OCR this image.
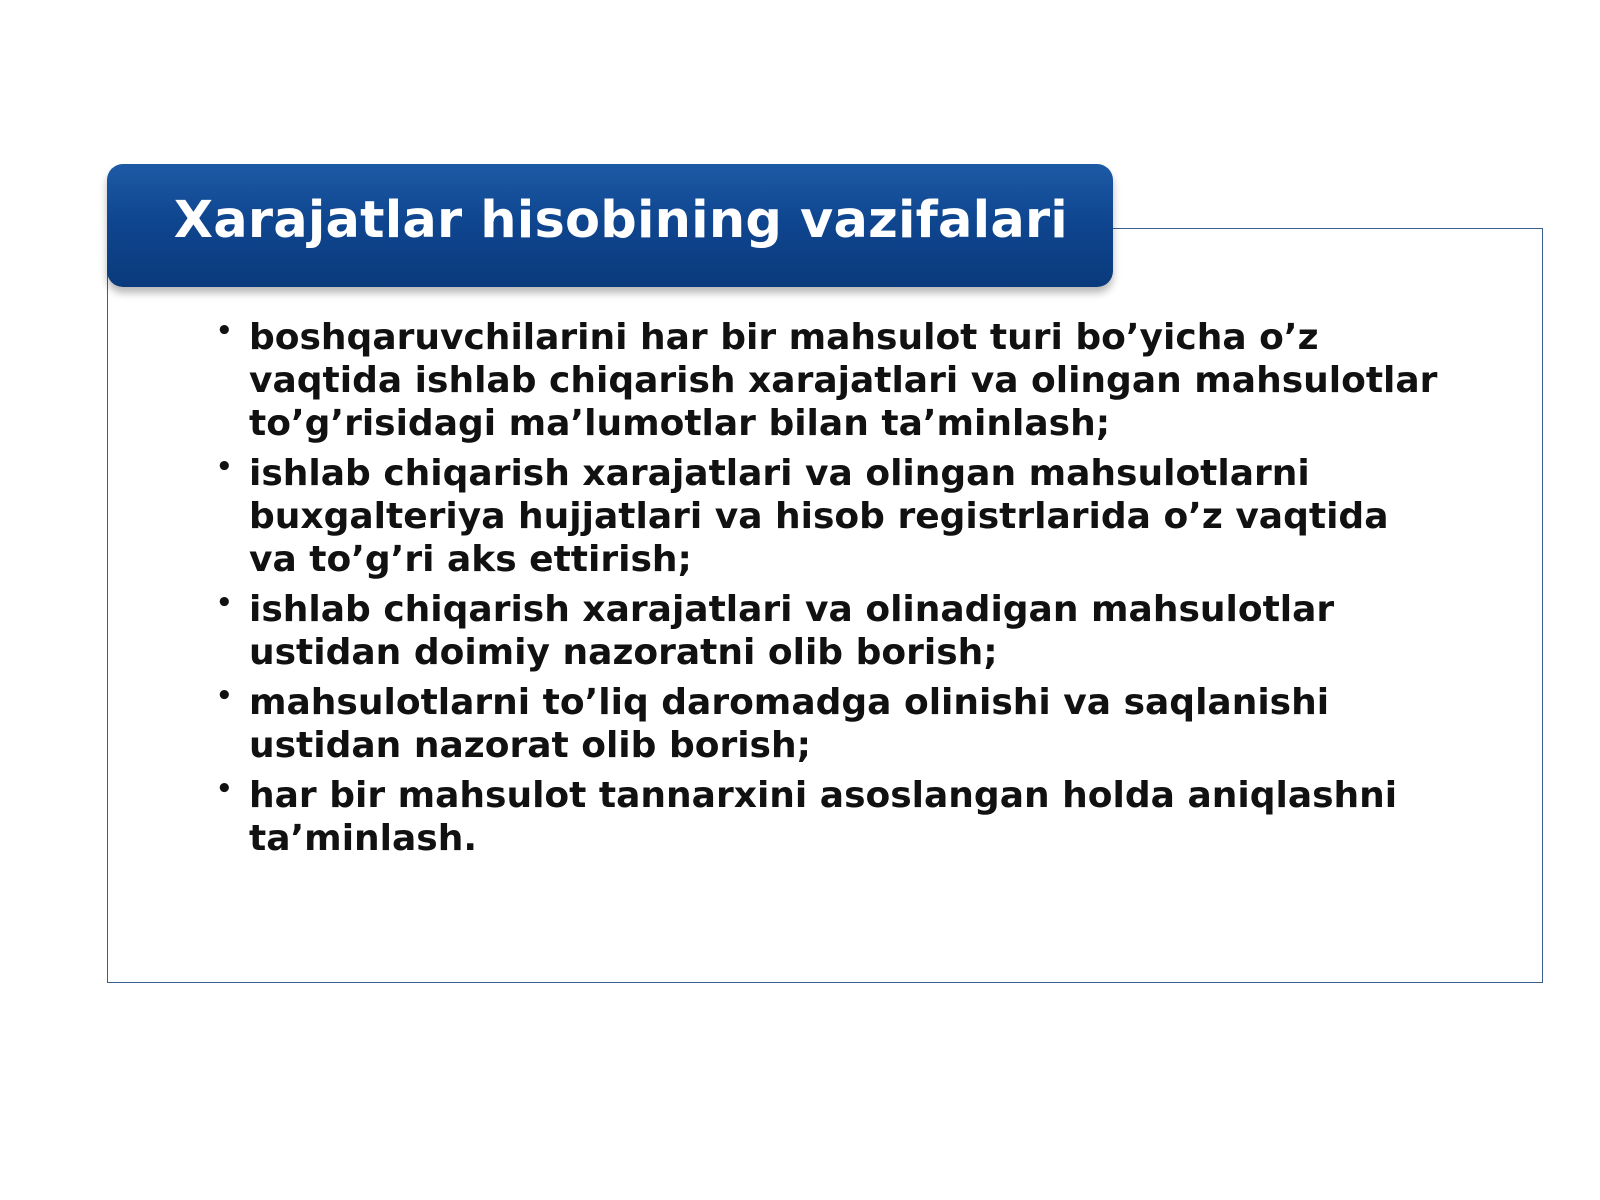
Xarajatlar hisobining vazifalari
• boshqaruvchilarini har bir mahsulot turi bo’yicha o’z vaqtida ishlab chiqarish xarajatlari va olingan mahsulotlar to’g’risidagi ma’lumotlar bilan ta’minlash;
• ishlab chiqarish xarajatlari va olingan mahsulotlarni buxgalteriya hujjatlari va hisob registrlarida o’z vaqtida va to’g’ri aks ettirish;
• ishlab chiqarish xarajatlari va olinadigan mahsulotlar ustidan doimiy nazoratni olib borish;
• mahsulotlarni to’liq daromadga olinishi va saqlanishi ustidan nazorat olib borish;
• har bir mahsulot tannarxini asoslangan holda aniqlashni ta’minlash.
